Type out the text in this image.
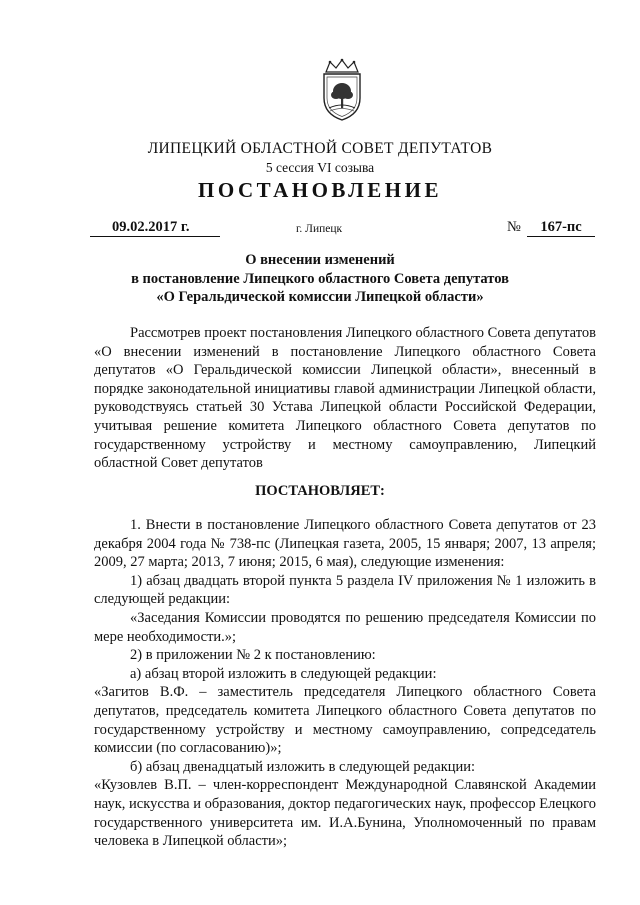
ЛИПЕЦКИЙ ОБЛАСТНОЙ СОВЕТ ДЕПУТАТОВ
5 сессия VI созыва
ПОСТАНОВЛЕНИЕ
09.02.2017 г.	г. Липецк	№	167-пс
О внесении изменений
в постановление Липецкого областного Совета депутатов
«О Геральдической комиссии Липецкой области»

Рассмотрев проект постановления Липецкого областного Совета депутатов «О внесении изменений в постановление Липецкого областного Совета депутатов «О Геральдической комиссии Липецкой области», внесенный в порядке законодательной инициативы главой администрации Липецкой области, руководствуясь статьей 30 Устава Липецкой области Российской Федерации, учитывая решение комитета Липецкого областного Совета депутатов по государственному устройству и местному самоуправлению, Липецкий областной Совет депутатов

ПОСТАНОВЛЯЕТ:

1. Внести в постановление Липецкого областного Совета депутатов от 23 декабря 2004 года № 738-пс (Липецкая газета, 2005, 15 января; 2007, 13 апреля; 2009, 27 марта; 2013, 7 июня; 2015, 6 мая), следующие изменения:

1) абзац двадцать второй пункта 5 раздела IV приложения № 1 изложить в следующей редакции:

«Заседания Комиссии проводятся по решению председателя Комиссии по мере необходимости.»;

2) в приложении № 2 к постановлению:

а) абзац второй изложить в следующей редакции:

«Загитов В.Ф. – заместитель председателя Липецкого областного Совета депутатов, председатель комитета Липецкого областного Совета депутатов по государственному устройству и местному самоуправлению, сопредседатель комиссии (по согласованию)»;

б) абзац двенадцатый изложить в следующей редакции:

«Кузовлев В.П. – член-корреспондент Международной Славянской Академии наук, искусства и образования, доктор педагогических наук, профессор Елецкого государственного университета им. И.А.Бунина, Уполномоченный по правам человека в Липецкой области»;
